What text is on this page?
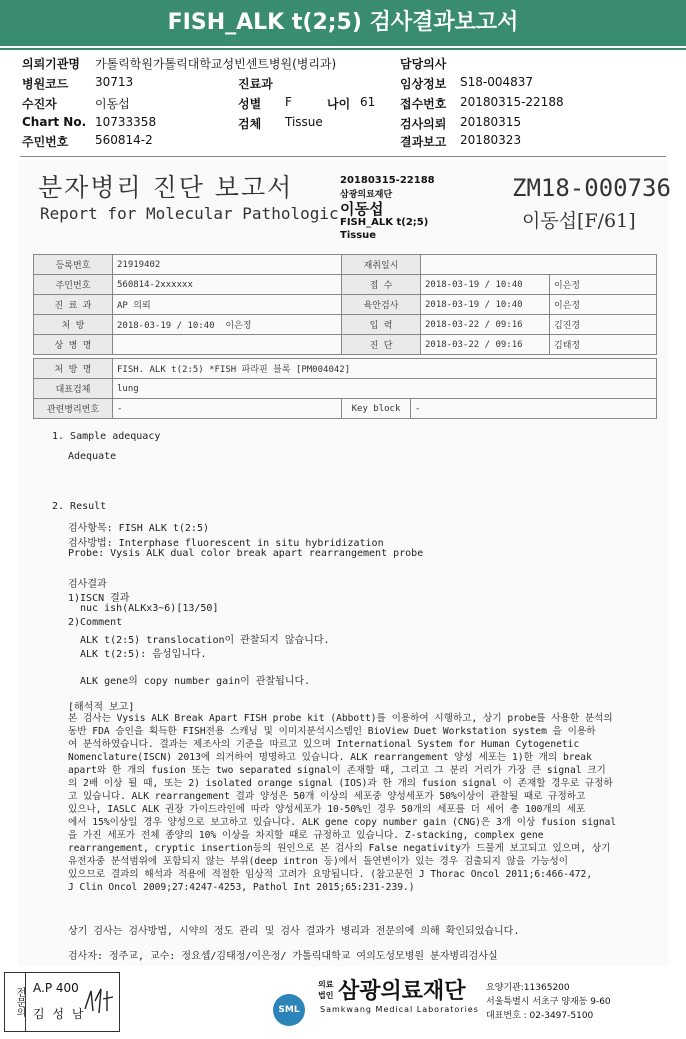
FISH_ALK t(2;5) 검사결과보고서
의뢰기관명 가톨릭학원가톨릭대학교성빈센트병원(병리과)	담당의사
병원코드 30713	진료과	임상정보 S18-004837
수진자	이동섭	성별 F	나이 61 접수번호 20180315-22188
Chart No. 10733358	검체 Tissue	검사의뢰 20180315
주민번호 560814-2	결과보고 20180323
분자병리 진단 보고서
Report for Molecular Pathologic
20180315-22188
삼광의료재단
이동섭
FISH_ALK t(2;5)
Tissue
ZM18-000736
이동섭[F/61]
등록번호	21919402	재취일시		
주민번호	560814-2xxxxxx	접 수	2018-03-19 / 10:40	이은정
진 료 과	AP 의뢰	육안검사	2018-03-19 / 10:40	이은정
처 방	2018-03-19 / 10:40 이은정	입 력	2018-03-22 / 09:16	김진경
상 병 명		진 단	2018-03-22 / 09:16	김태정
처 방 명	FISH. ALK t(2:5) *FISH 파라핀 블록 [PM004042]		
대표검체	lung		
관련병리번호	-	Key block	-
1. Sample adequacy
Adequate
2. Result
검사항목: FISH ALK t(2:5)
검사방법: Interphase fluorescent in situ hybridization
Probe: Vysis ALK dual color break apart rearrangement probe
검사결과
1)ISCN 결과
nuc ish(ALKx3~6)[13/50]
2)Comment
ALK t(2:5) translocation이 관찰되지 않습니다.
ALK t(2:5): 음성입니다.
ALK gene의 copy number gain이 관찰됩니다.
[해석적 보고]
본 검사는 Vysis ALK Break Apart FISH probe kit (Abbott)를 이용하여 시행하고, 상기 probe를 사용한 분석의
동반 FDA 승인을 획득한 FISH전용 스캐닝 및 이미지분석시스템인 BioView Duet Workstation system 을 이용하
여 분석하였습니다. 결과는 제조사의 기준을 따르고 있으며 International System for Human Cytogenetic
Nomenclature(ISCN) 2013에 의거하여 명명하고 있습니다. ALK rearrangement 양성 세포는 1)한 개의 break
apart와 한 개의 fusion 또는 two separated signal이 존재할 때, 그리고 그 분리 거리가 가장 큰 signal 크기
의 2배 이상 될 때, 또는 2) isolated orange signal (IOS)과 한 개의 fusion signal 이 존재할 경우로 규정하
고 있습니다. ALK rearrangement 결과 양성은 50개 이상의 세포중 양성세포가 50%이상이 관찰될 때로 규정하고
있으나, IASLC ALK 권장 가이드라인에 따라 양성세포가 10-50%인 경우 50개의 세포를 더 세어 총 100개의 세포
에서 15%이상일 경우 양성으로 보고하고 있습니다. ALK gene copy number gain (CNG)은 3개 이상 fusion signal
을 가진 세포가 전체 종양의 10% 이상을 차지할 때로 규정하고 있습니다. Z-stacking, complex gene
rearrangement, cryptic insertion등의 원인으로 본 검사의 False negativity가 드물게 보고되고 있으며, 상기
유전자중 분석범위에 포함되지 않는 부위(deep intron 등)에서 돌연변이가 있는 경우 검출되지 않을 가능성이
있으므로 결과의 해석과 적용에 적절한 임상적 고려가 요망됩니다. (참고문헌 J Thorac Oncol 2011;6:466-472,
J Clin Oncol 2009;27:4247-4253, Pathol Int 2015;65:231-239.)
상기 검사는 검사방법, 시약의 정도 관리 및 검사 결과가 병리과 전문의에 의해 확인되었습니다.
검사자: 정주교, 교수: 정요셉/김태정/이은정/ 가톨릭대학교 여의도성모병원 분자병리검사실
전문의 A.P 400
김 성 남	SML
의료
법인 삼광의료재단
Samkwang Medical Laboratories
요양기관:11365200
서울특별시 서초구 양재동 9-60
대표번호 : 02-3497-5100
